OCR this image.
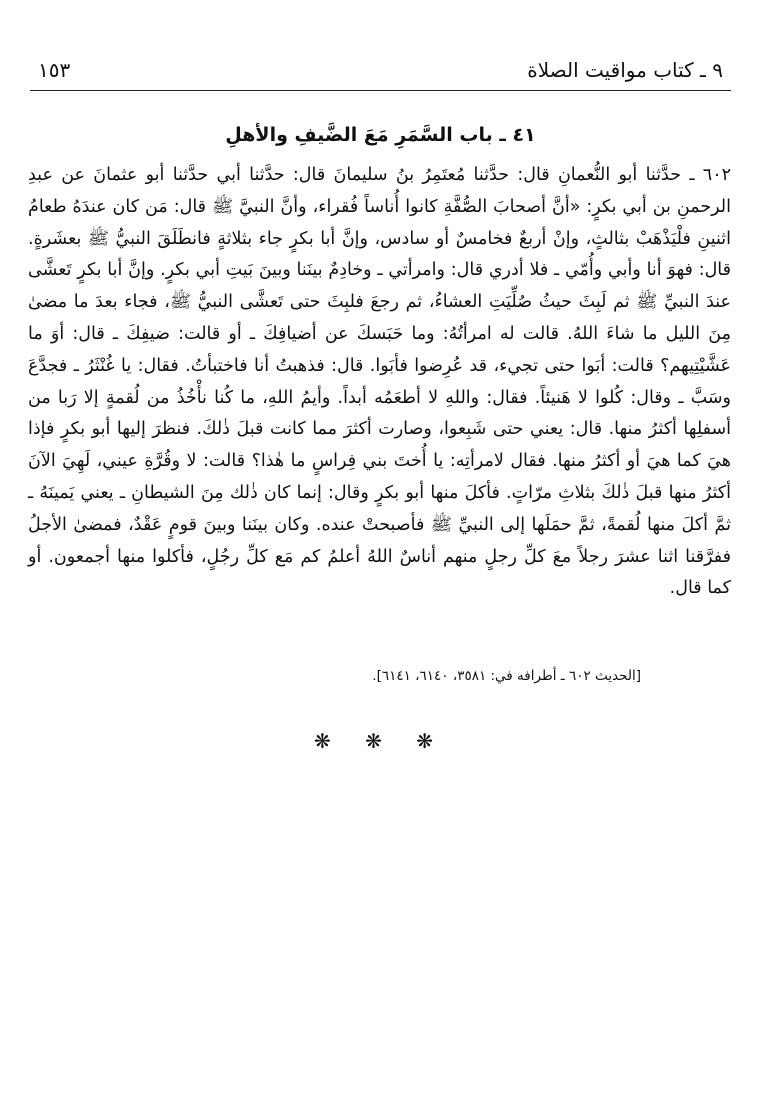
٩ ـ كتاب مواقيت الصلاة
١٥٣
٤١ ـ باب السَّمَرِ مَعَ الضَّيفِ والأهلِ

٦٠٢ ـ حدَّثنا أبو النُّعمانِ قال: حدَّثنا مُعتَمِرُ بنُ سليمانَ قال: حدَّثنا أبي حدَّثنا أبو عثمانَ عن عبدِ الرحمنِ بن أبي بكرٍ: «أنَّ أصحابَ الصُّفَّةِ كانوا أُناساً فُقراء، وأنَّ النبيَّ ﷺ قال: مَن كان عندَهُ طعامُ اثنينِ فلْيَذْهَبْ بثالثٍ، وإنْ أربعٌ فخامسٌ أو سادس، وإنَّ أبا بكرٍ جاء بثلاثةٍ فانطَلَقَ النبيُّ ﷺ بعشَرةٍ. قال: فهوَ أنا وأبي وأُمّي ـ فلا أدري قال: وامرأتي ـ وخادِمٌ بينَنا وبينَ بَيتِ أبي بكرٍ. وإنَّ أبا بكرٍ تَعشَّى عندَ النبيِّ ﷺ ثم لَبِثَ حيثُ صُلِّيَتِ العشاءُ، ثم رجعَ فلبِثَ حتى تَعشَّى النبيُّ ﷺ، فجاء بعدَ ما مضىٰ مِنَ الليل ما شاءَ اللهُ. قالت له امرأتُهُ: وما حَبَسكَ عن أضيافِكَ ـ أو قالت: ضيفِكَ ـ قال: أوَ ما عَشَّيْتِيهم؟ قالت: أبَوا حتى تجيء، قد عُرِضوا فأبَوا. قال: فذهبتُ أنا فاختبأتُ. فقال: يا غُنْثَرُ ـ فجدَّعَ وسَبَّ ـ وقال: كُلوا لا هَنيئاً. فقال: واللهِ لا أطعَمُه أبداً. وأيمُ اللهِ، ما كُنا نأْخُذُ من لُقمةٍ إلا رَبا من أسفلِها أكثرُ منها. قال: يعني حتى شَبِعوا، وصارت أكثرَ مما كانت قبلَ ذٰلكَ. فنظرَ إليها أبو بكرٍ فإذا هيَ كما هيَ أو أكثرُ منها. فقال لامرأتِه: يا أُختَ بني فِراسٍ ما هٰذا؟ قالت: لا وقُرَّةِ عيني، لَهِيَ الآنَ أكثرُ منها قبلَ ذٰلكَ بثلاثِ مرّاتٍ. فأكلَ منها أبو بكرٍ وقال: إنما كان ذٰلك مِنَ الشيطانِ ـ يعني يَمينَهُ ـ ثمَّ أكلَ منها لُقمةً، ثمَّ حمَلَها إلى النبيِّ ﷺ فأصبحتْ عنده. وكان بينَنا وبينَ قومٍ عَقْدٌ، فمضىٰ الأجلُ ففرَّقنا اثنا عشرَ رجلاً معَ كلِّ رجلٍ منهم أناسٌ اللهُ أعلمُ كم مَع كلِّ رجُلٍ، فأكلوا منها أجمعون. أو كما قال.

[الحديث ٦٠٢ ـ أطرافه في: ٣٥٨١، ٦١٤٠، ٦١٤١].
❋ ❋ ❋
